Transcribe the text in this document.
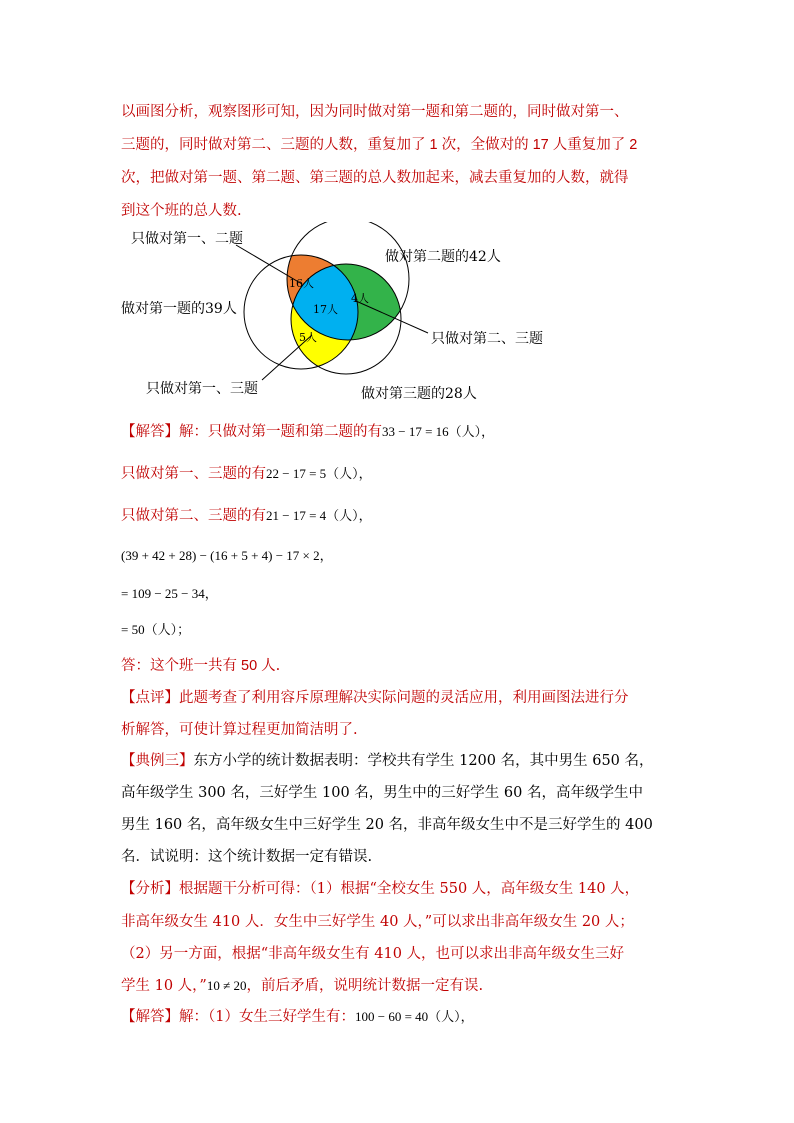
以画图分析，观察图形可知，因为同时做对第一题和第二题的，同时做对第一、
三题的，同时做对第二、三题的人数，重复加了 1 次，全做对的 17 人重复加了 2
次，把做对第一题、第二题、第三题的总人数加起来，减去重复加的人数，就得
到这个班的总人数.
16人
17人
4人
5人
只做对第一、二题
做对第二题的42人
做对第一题的39人
只做对第二、三题
只做对第一、三题	做对第三题的28人
【解答】解：只做对第一题和第二题的有33 − 17 = 16（人），
只做对第一、三题的有22 − 17 = 5（人），
只做对第二、三题的有21 − 17 = 4（人），
(39 + 42 + 28) − (16 + 5 + 4) − 17 × 2，
= 109 − 25 − 34，
= 50（人）；
答：这个班一共有 50 人.
【点评】此题考查了利用容斥原理解决实际问题的灵活应用，利用画图法进行分
析解答，可使计算过程更加简洁明了.
【典例三】东方小学的统计数据表明：学校共有学生 1200 名，其中男生 650 名，
高年级学生 300 名，三好学生 100 名，男生中的三好学生 60 名，高年级学生中
男生 160 名，高年级女生中三好学生 20 名，非高年级女生中不是三好学生的 400
名．试说明：这个统计数据一定有错误.
【分析】根据题干分析可得：（1）根据“全校女生 550 人，高年级女生 140 人，
非高年级女生 410 人．女生中三好学生 40 人，”可以求出非高年级女生 20 人；
（2）另一方面，根据“非高年级女生有 410 人，也可以求出非高年级女生三好
学生 10 人，”10 ≠ 20，前后矛盾，说明统计数据一定有误.
【解答】解：（1）女生三好学生有：100 − 60 = 40（人），
